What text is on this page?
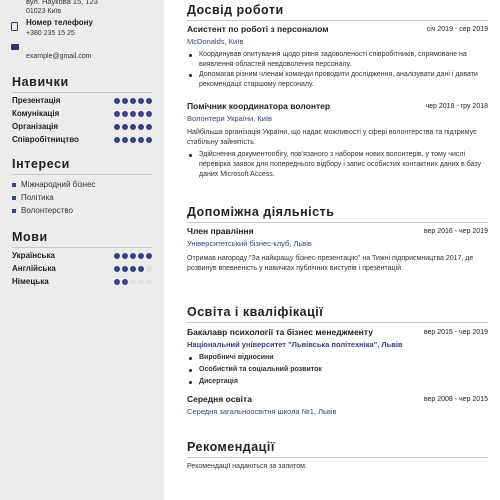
вул. Наукова 15, 123
01023 Київ
Номер телефону
+380 235 15 25
example@gmail.com
Навички
Презентація
Комунікація
Організація
Співробітництво
Інтереси
Міжнародний бізнес
Політика
Волонтерство
Мови
Українська
Англійська
Німецька
Досвід роботи
Асистент по роботі з персоналом	січ 2019 - сер 2019
McDonalds, Київ
Координував опитування щодо рівня задоволеності співробітників, спрямоване на виявлення областей невдоволення персоналу.
Допомагав різним членам команди проводити дослідження, аналізувати дані і давати рекомендації старшому персоналу.
Помічник координатора волонтер	чер 2018 - гру 2018
Волонтери України, Київ
Найбільша організація України, що надає можливості у сфері волонтерства та підтримує стабільну зайнятість.
Здійснення документообігу, пов'язаного з набором нових волонтерів, у тому числі перевірка заявок для попереднього відбору і запис особистих контактних даних в базу даних Microsoft Access.
Допоміжна діяльність
Член правління	вер 2016 - чер 2019
Університетський бізнес-клуб, Львів
Отримав нагороду "За найкращу бізнес-презентацію" на Тижні підприємництва 2017, де розвинув впевненість у навичках публічних виступів і презентацій.
Освіта і кваліфікації
Бакалавр психології та бізнес менеджменту	вер 2015 - чер 2019
Національний університет "Львівська політехніка", Львів
Виробничі відносини
Особистий та соціальний розвиток
Дисертація
Середня освіта	вер 2008 - чер 2015
Середня загальноосвітня школа №1, Львів
Рекомендації
Рекомендації надаються за запитом.
